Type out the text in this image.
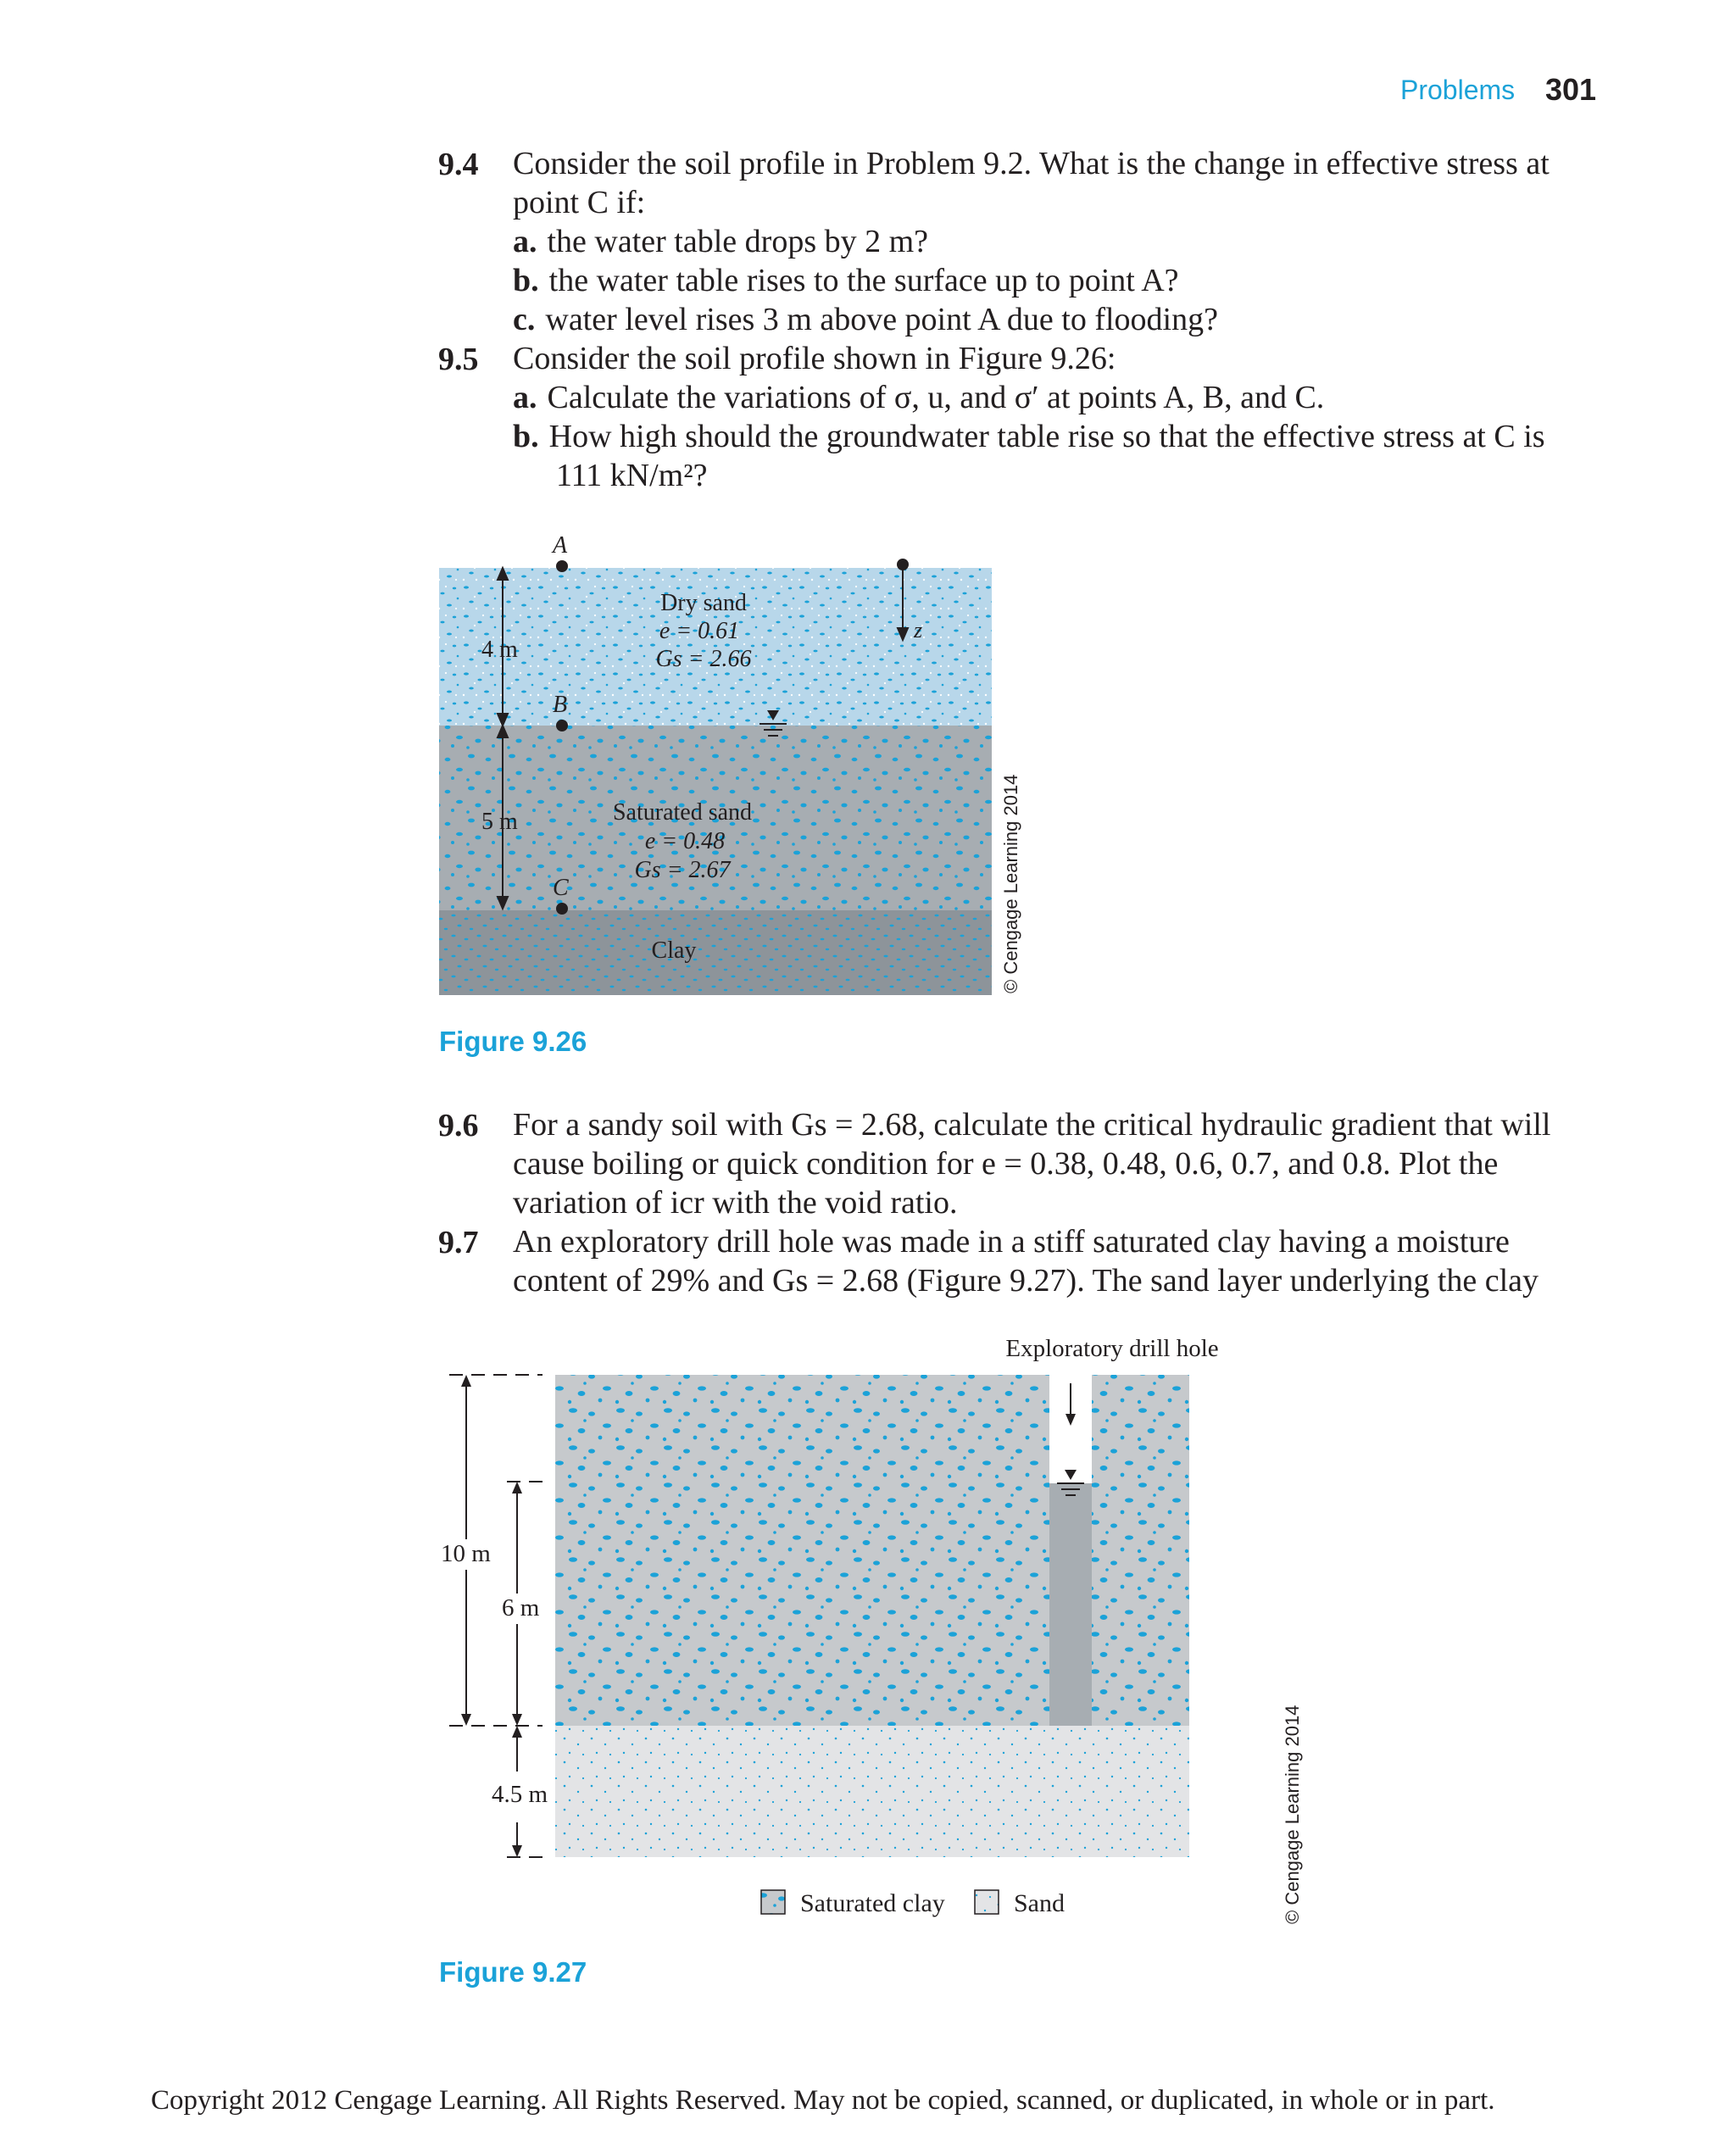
Problems 301
9.4 Consider the soil profile in Problem 9.2. What is the change in effective stress at
point C if:
a. the water table drops by 2 m?
b. the water table rises to the surface up to point A?
c. water level rises 3 m above point A due to flooding?
9.5 Consider the soil profile shown in Figure 9.26:
a. Calculate the variations of σ, u, and σ′ at points A, B, and C.
b. How high should the groundwater table rise so that the effective stress at C is
111 kN/m²?
4 m
5 m
A
B
C
z
Dry sand
e = 0.61
Gs = 2.66
Saturated sand
e = 0.48
Gs = 2.67
Clay	© Cengage Learning 2014
Figure 9.26
9.6 For a sandy soil with Gs = 2.68, calculate the critical hydraulic gradient that will
cause boiling or quick condition for e = 0.38, 0.48, 0.6, 0.7, and 0.8. Plot the
variation of icr with the void ratio.
9.7 An exploratory drill hole was made in a stiff saturated clay having a moisture
content of 29% and Gs = 2.68 (Figure 9.27). The sand layer underlying the clay
Exploratory drill hole
10 m
6 m
4.5 m
Saturated clay	Sand	© Cengage Learning 2014
Figure 9.27
Copyright 2012 Cengage Learning. All Rights Reserved. May not be copied, scanned, or duplicated, in whole or in part.
